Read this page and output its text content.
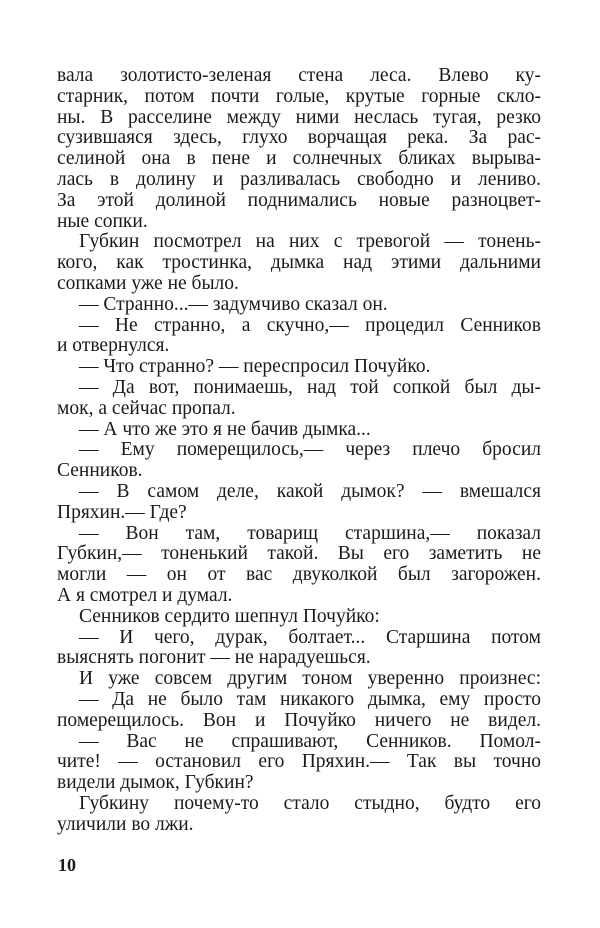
вала золотисто-зеленая стена леса. Влево ку-
старник, потом почти голые, крутые горные скло-
ны. В расселине между ними неслась тугая, резко
сузившаяся здесь, глухо ворчащая река. За рас-
селиной она в пене и солнечных бликах вырыва-
лась в долину и разливалась свободно и лениво.
За этой долиной поднимались новые разноцвет-
ные сопки.
Губкин посмотрел на них с тревогой — тонень-
кого, как тростинка, дымка над этими дальними
сопками уже не было.
— Странно...— задумчиво сказал он.
— Не странно, а скучно,— процедил Сенников
и отвернулся.
— Что странно? — переспросил Почуйко.
— Да вот, понимаешь, над той сопкой был ды-
мок, а сейчас пропал.
— А что же это я не бачив дымка...
— Ему померещилось,— через плечо бросил
Сенников.
— В самом деле, какой дымок? — вмешался
Пряхин.— Где?
— Вон там, товарищ старшина,— показал
Губкин,— тоненький такой. Вы его заметить не
могли — он от вас двуколкой был загорожен.
А я смотрел и думал.
Сенников сердито шепнул Почуйко:
— И чего, дурак, болтает... Старшина потом
выяснять погонит — не нарадуешься.
И уже совсем другим тоном уверенно произнес:
— Да не было там никакого дымка, ему просто
померещилось. Вон и Почуйко ничего не видел.
— Вас не спрашивают, Сенников. Помол-
чите! — остановил его Пряхин.— Так вы точно
видели дымок, Губкин?
Губкину почему-то стало стыдно, будто его
уличили во лжи.
10
